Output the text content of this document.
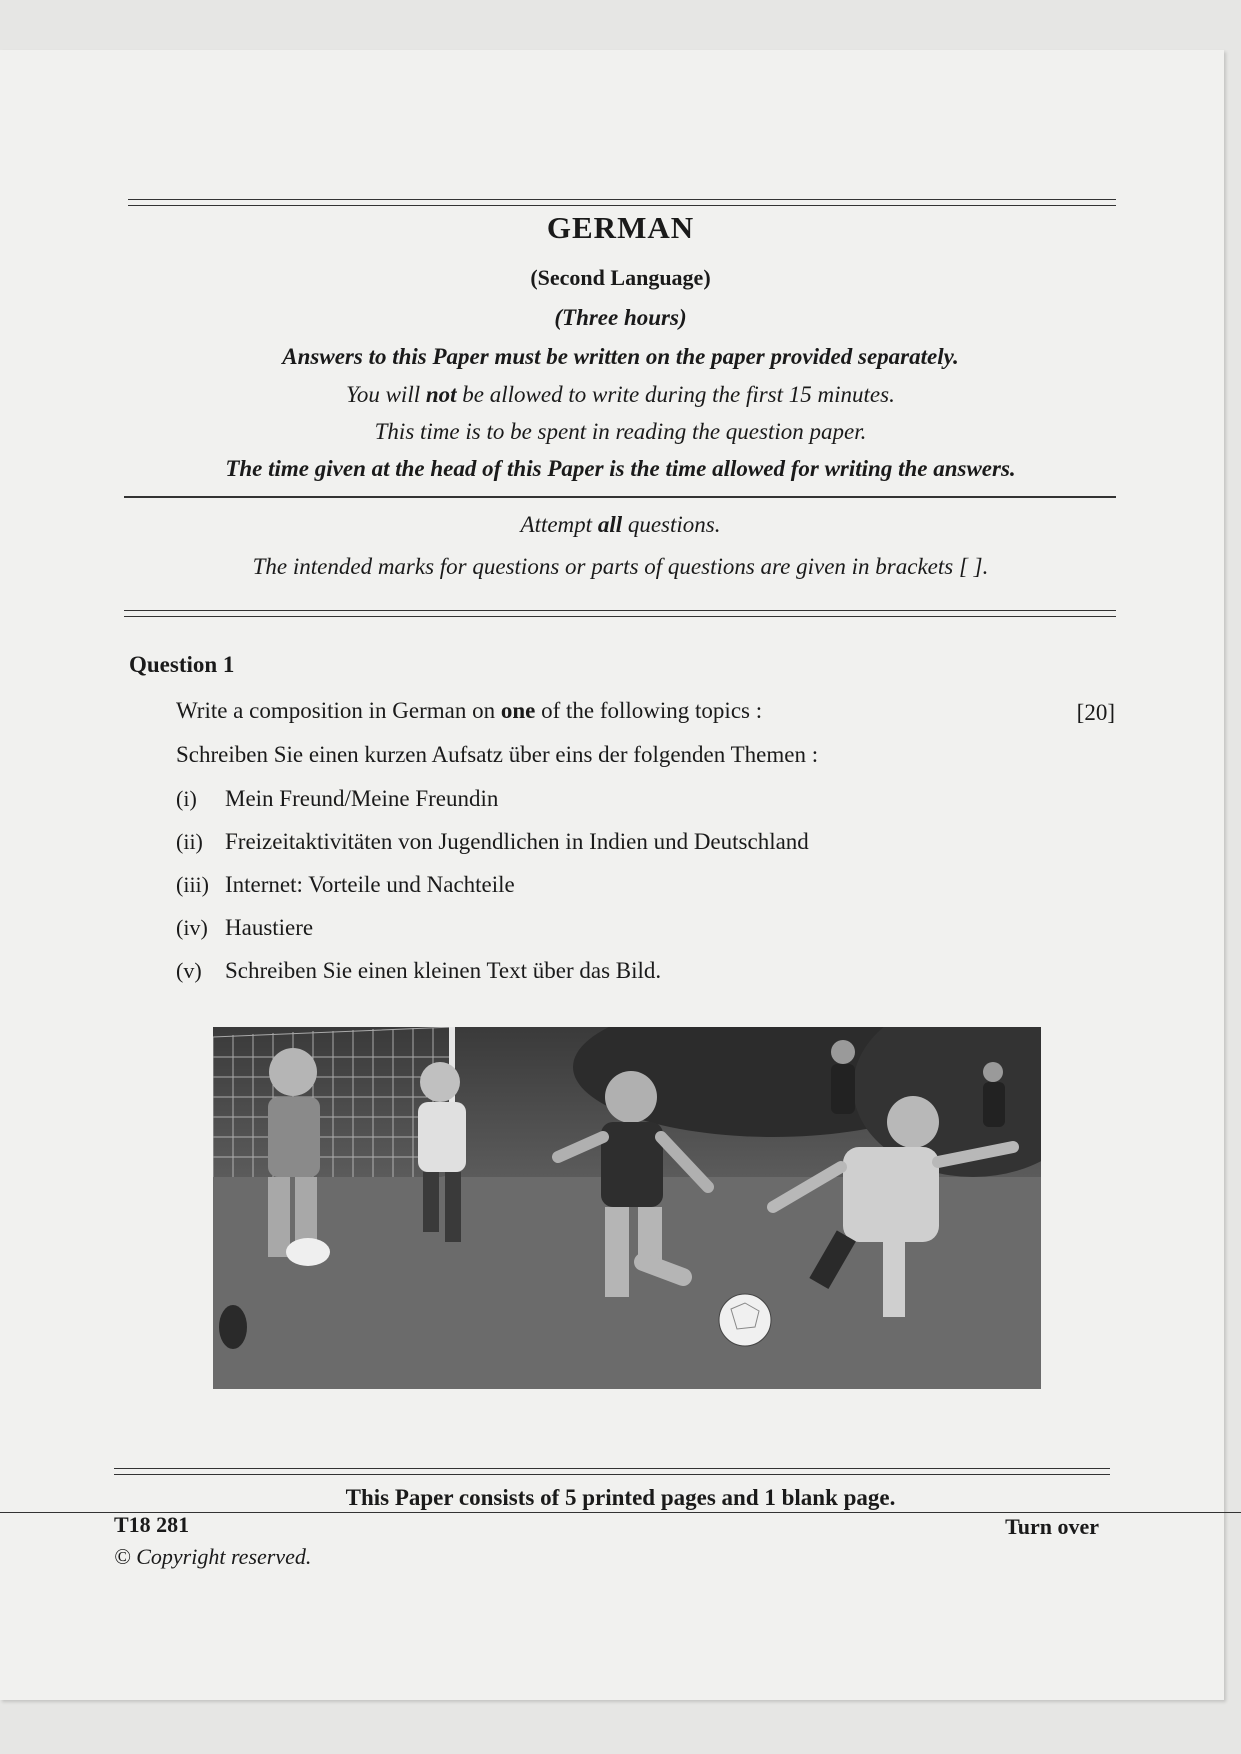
GERMAN
(Second Language)
(Three hours)
Answers to this Paper must be written on the paper provided separately.
You will not be allowed to write during the first 15 minutes.
This time is to be spent in reading the question paper.
The time given at the head of this Paper is the time allowed for writing the answers.
Attempt all questions.
The intended marks for questions or parts of questions are given in brackets [ ].
Question 1
Write a composition in German on one of the following topics :	[20]
Schreiben Sie einen kurzen Aufsatz über eins der folgenden Themen :
(i) Mein Freund/Meine Freundin
(ii) Freizeitaktivitäten von Jugendlichen in Indien und Deutschland
(iii) Internet: Vorteile und Nachteile
(iv) Haustiere
(v) Schreiben Sie einen kleinen Text über das Bild.
This Paper consists of 5 printed pages and 1 blank page.
T18 281
© Copyright reserved.
Turn over
